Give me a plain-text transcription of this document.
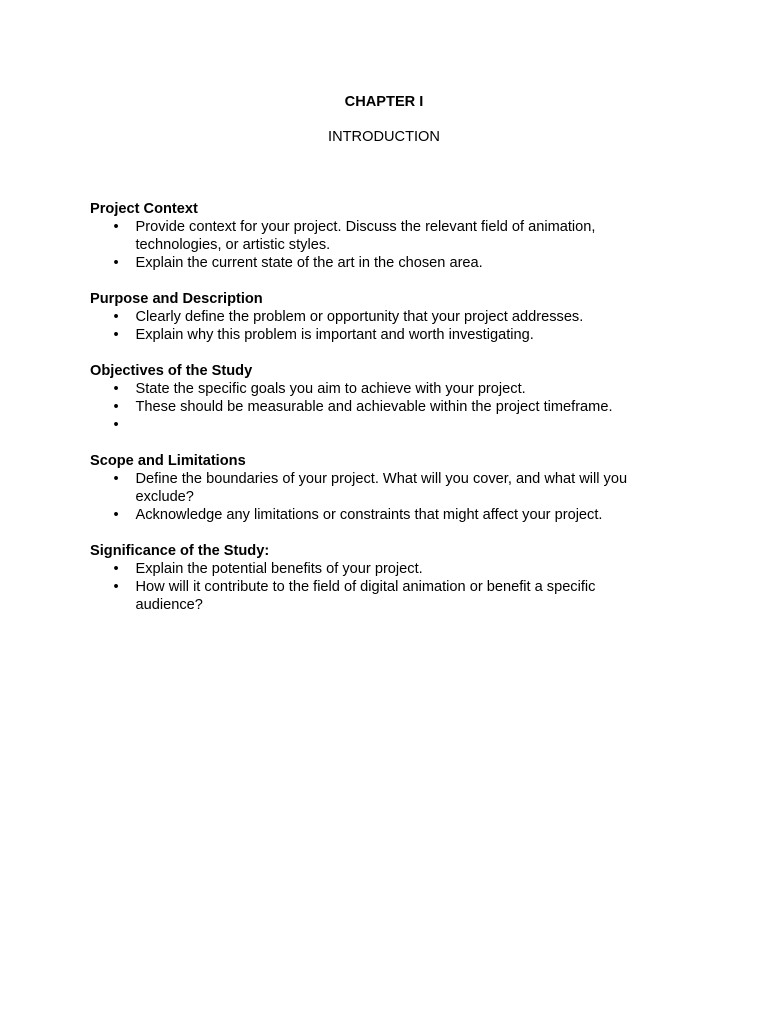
CHAPTER I
INTRODUCTION
Project Context
• Provide context for your project. Discuss the relevant field of animation, technologies, or artistic styles.
• Explain the current state of the art in the chosen area.
Purpose and Description
• Clearly define the problem or opportunity that your project addresses.
• Explain why this problem is important and worth investigating.
Objectives of the Study
• State the specific goals you aim to achieve with your project.
• These should be measurable and achievable within the project timeframe.
•
Scope and Limitations
• Define the boundaries of your project. What will you cover, and what will you exclude?
• Acknowledge any limitations or constraints that might affect your project.
Significance of the Study:
• Explain the potential benefits of your project.
• How will it contribute to the field of digital animation or benefit a specific audience?
